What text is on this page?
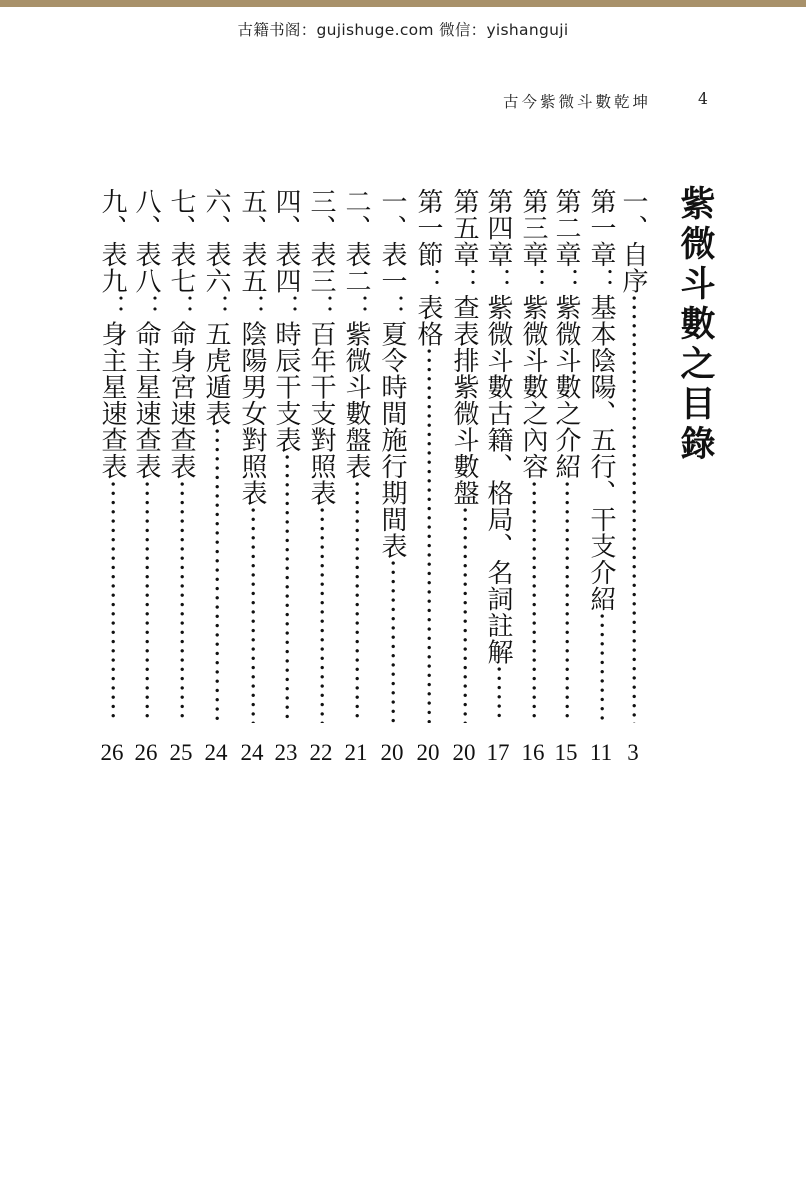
古籍书阁：gujishuge.com 微信：yishanguji
古今紫微斗數乾坤	4
紫微斗數之目錄
一、自序 ·····
3
第一章：基本陰陽、五行、干支介紹 ·····
11
第二章：紫微斗數之介紹 ·····
15
第三章：紫微斗數之內容 ·····
16
第四章：紫微斗數古籍、格局、名詞註解 ·····
17
第五章：查表排紫微斗數盤 ·····
20
第一節：表格 ·····
20
一、表一：夏令時間施行期間表 ·····
20
二、表二：紫微斗數盤表 ·····
21
三、表三：百年干支對照表 ·····
22
四、表四：時辰干支表 ·····
23
五、表五：陰陽男女對照表 ·····
24
六、表六：五虎遁表 ·····
24
七、表七：命身宮速查表 ·····
25
八、表八：命主星速查表 ·····
26
九、表九：身主星速查表 ·····
26
